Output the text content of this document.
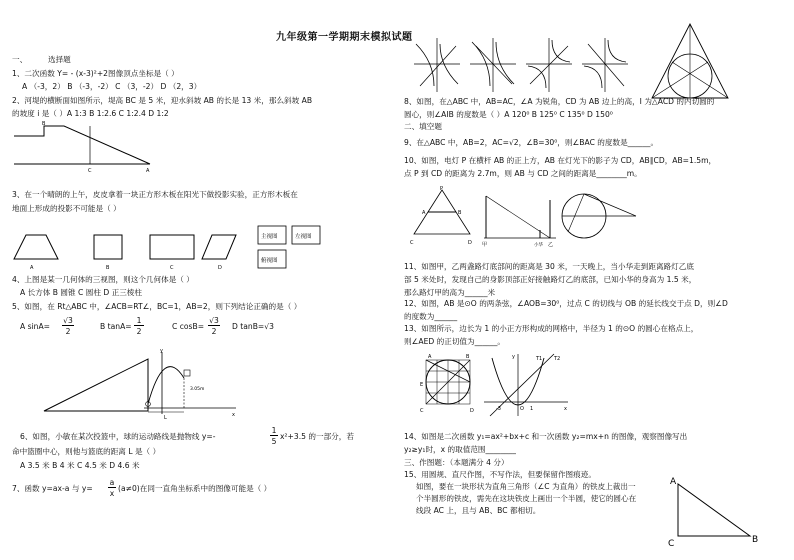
九年级第一学期期末模拟试题
一、	选择题
1、二次函数 Y= - (x-3)²+2图像顶点坐标是（ ）
A （-3，2） B （-3，-2） C （3，-2） D （2，3）
2、河堤的横断面如图所示，堤高 BC 是 5 米，迎水斜坡 AB 的长是 13 米，那么斜坡 AB
的坡度 i 是（ ）A 1:3 B 1:2.6 C 1:2.4 D 1:2
B
C	A
3、在一个晴朗的上午，皮皮拿着一块正方形木板在阳光下做投影实验，正方形木板在
地面上形成的投影不可能是（ ）
A	B	C	D
主视图	左视图
俯视图
4、上图是某一几何体的三视图，则这个几何体是（ ）
A 长方体 B 圆锥 C 圆柱 D 正三棱柱
5、如图，在 Rt△ABC 中，∠ACB=RT∠，BC=1，AB=2，则下列结论正确的是（ ）
A sinA=
√3
2
B tanA=
1
2
C cosB=
√3
2
D tanB=√3
y
3.05m
x
L
6、如图，小敏在某次投篮中，球的运动路线是抛物线 y=-
1
5
x²+3.5 的一部分，若
命中篮圈中心，则他与篮底的距离 L 是（ ）
A 3.5 米 B 4 米 C 4.5 米 D 4.6 米
7、函数 y=ax-a 与 y=
a
x
(a≠0)在同一直角坐标系中的图像可能是（ ）
8、如图，在△ABC 中，AB=AC，∠A 为锐角，CD 为 AB 边上的高，I 为△ACD 的内切圆的
圆心，则∠AIB 的度数是（ ）A 120⁰ B 125⁰ C 135⁰ D 150⁰
二、填空题
9、在△ABC 中，AB=2，AC=√2，∠B=30⁰，则∠BAC 的度数是______。
10、如图，电灯 P 在横杆 AB 的正上方，AB 在灯光下的影子为 CD，AB∥CD，AB=1.5m，
点 P 到 CD 的距离为 2.7m，则 AB 与 CD 之间的距离是________m。
P
A	B
C	D 甲	小华 乙
11、如图甲，乙两盏路灯底部间的距离是 30 米，一天晚上，当小华走到距离路灯乙底
部 5 米处时，发现自己的身影顶部正好接触路灯乙的底部，已知小华的身高为 1.5 米，
那么路灯甲的高为______米
12、如图，AB 是⊙O 的两条弦，∠AOB=30⁰，过点 C 的切线与 OB 的延长线交于点 D，则∠D
的度数为______
13、如图所示，边长为 1 的小正方形构成的网格中，半径为 1 的⊙O 的圆心在格点上，
则∠AED 的正切值为______。
A	B
E
C	D
y	T1 T2
O	x
-3	1
14、如图是二次函数 y₁=ax²+bx+c 和一次函数 y₂=mx+n 的图像，观察图像写出
y₂≥y₁时，x 的取值范围________
三、作图题：（本题满分 4 分）
15、用圆规、直尺作图，不写作法，但要保留作图痕迹。
如图，要在一块形状为直角三角形（∠C 为直角）的铁皮上裁出一
个半圆形的铁皮，需先在这块铁皮上画出一个半圆，使它的圆心在
线段 AC 上，且与 AB、BC 都相切。
A
C	B
